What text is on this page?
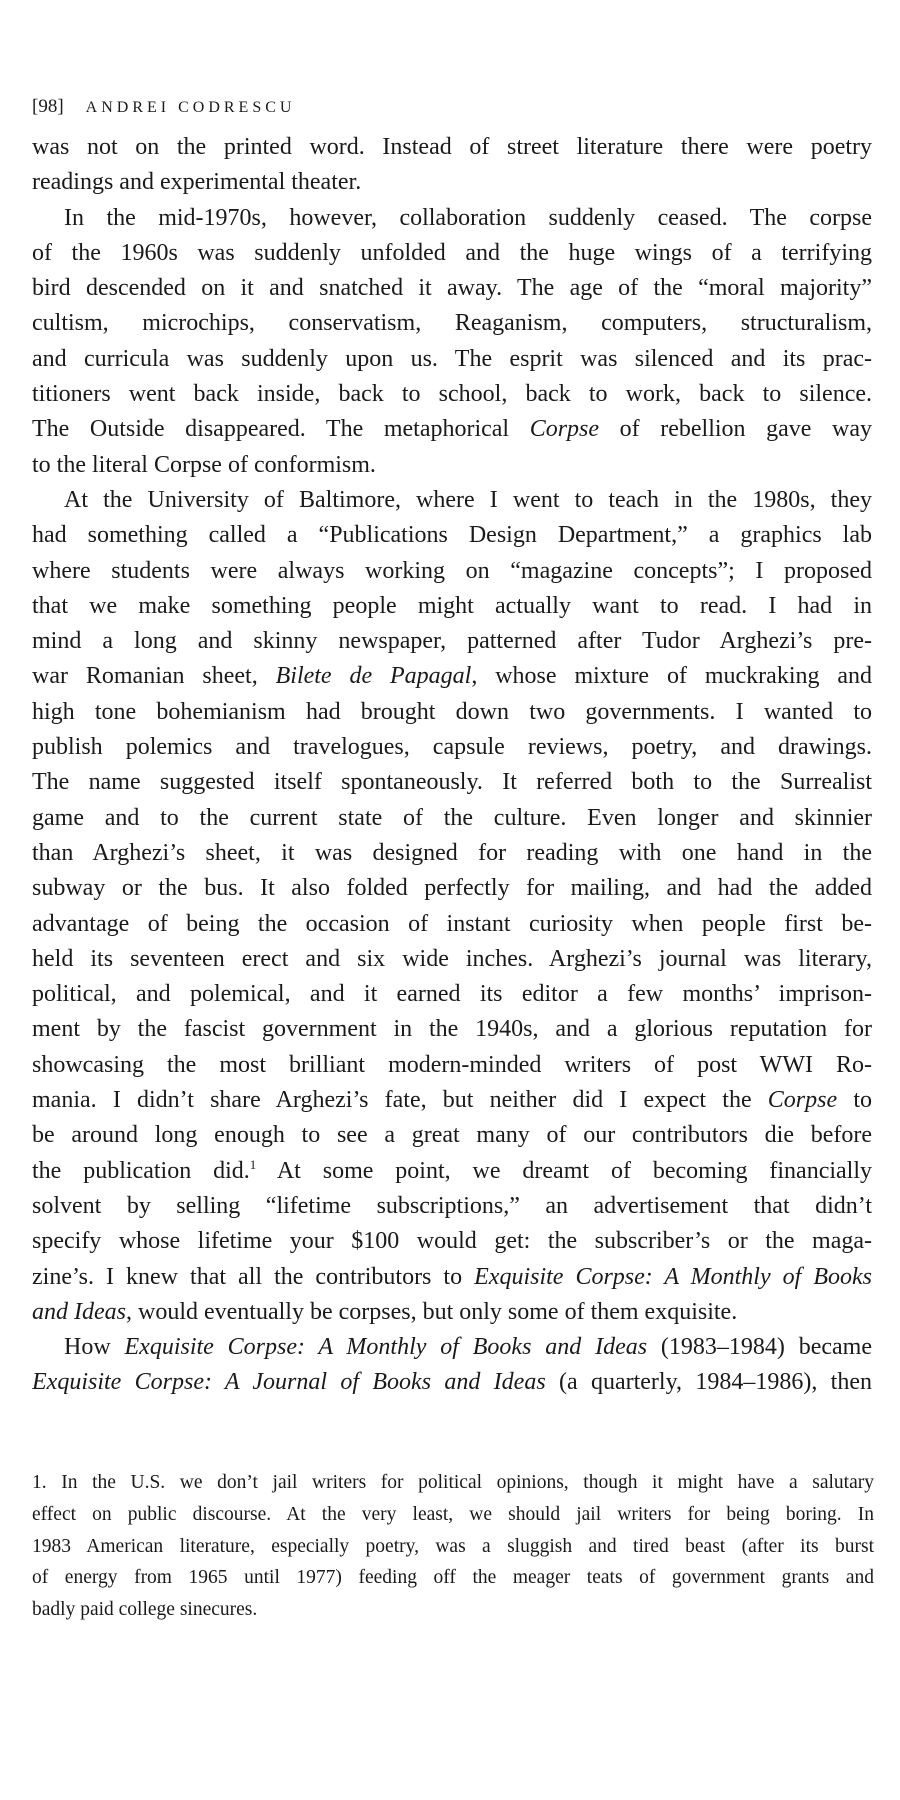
[98] ANDREI CODRESCU
was not on the printed word. Instead of street literature there were poetry
readings and experimental theater.
In the mid-1970s, however, collaboration suddenly ceased. The corpse
of the 1960s was suddenly unfolded and the huge wings of a terrifying
bird descended on it and snatched it away. The age of the “moral majority”
cultism, microchips, conservatism, Reaganism, computers, structuralism,
and curricula was suddenly upon us. The esprit was silenced and its prac-
titioners went back inside, back to school, back to work, back to silence.
The Outside disappeared. The metaphorical Corpse of rebellion gave way
to the literal Corpse of conformism.
At the University of Baltimore, where I went to teach in the 1980s, they
had something called a “Publications Design Department,” a graphics lab
where students were always working on “magazine concepts”; I proposed
that we make something people might actually want to read. I had in
mind a long and skinny newspaper, patterned after Tudor Arghezi’s pre-
war Romanian sheet, Bilete de Papagal, whose mixture of muckraking and
high tone bohemianism had brought down two governments. I wanted to
publish polemics and travelogues, capsule reviews, poetry, and drawings.
The name suggested itself spontaneously. It referred both to the Surrealist
game and to the current state of the culture. Even longer and skinnier
than Arghezi’s sheet, it was designed for reading with one hand in the
subway or the bus. It also folded perfectly for mailing, and had the added
advantage of being the occasion of instant curiosity when people first be-
held its seventeen erect and six wide inches. Arghezi’s journal was literary,
political, and polemical, and it earned its editor a few months’ imprison-
ment by the fascist government in the 1940s, and a glorious reputation for
showcasing the most brilliant modern-minded writers of post WWI Ro-
mania. I didn’t share Arghezi’s fate, but neither did I expect the Corpse to
be around long enough to see a great many of our contributors die before
the publication did.$^1$ At some point, we dreamt of becoming financially
solvent by selling “lifetime subscriptions,” an advertisement that didn’t
specify whose lifetime your $100 would get: the subscriber’s or the maga-
zine’s. I knew that all the contributors to Exquisite Corpse: A Monthly of Books
and Ideas, would eventually be corpses, but only some of them exquisite.
How Exquisite Corpse: A Monthly of Books and Ideas (1983–1984) became
Exquisite Corpse: A Journal of Books and Ideas (a quarterly, 1984–1986), then
1. In the U.S. we don’t jail writers for political opinions, though it might have a salutary
effect on public discourse. At the very least, we should jail writers for being boring. In
1983 American literature, especially poetry, was a sluggish and tired beast (after its burst
of energy from 1965 until 1977) feeding off the meager teats of government grants and
badly paid college sinecures.
